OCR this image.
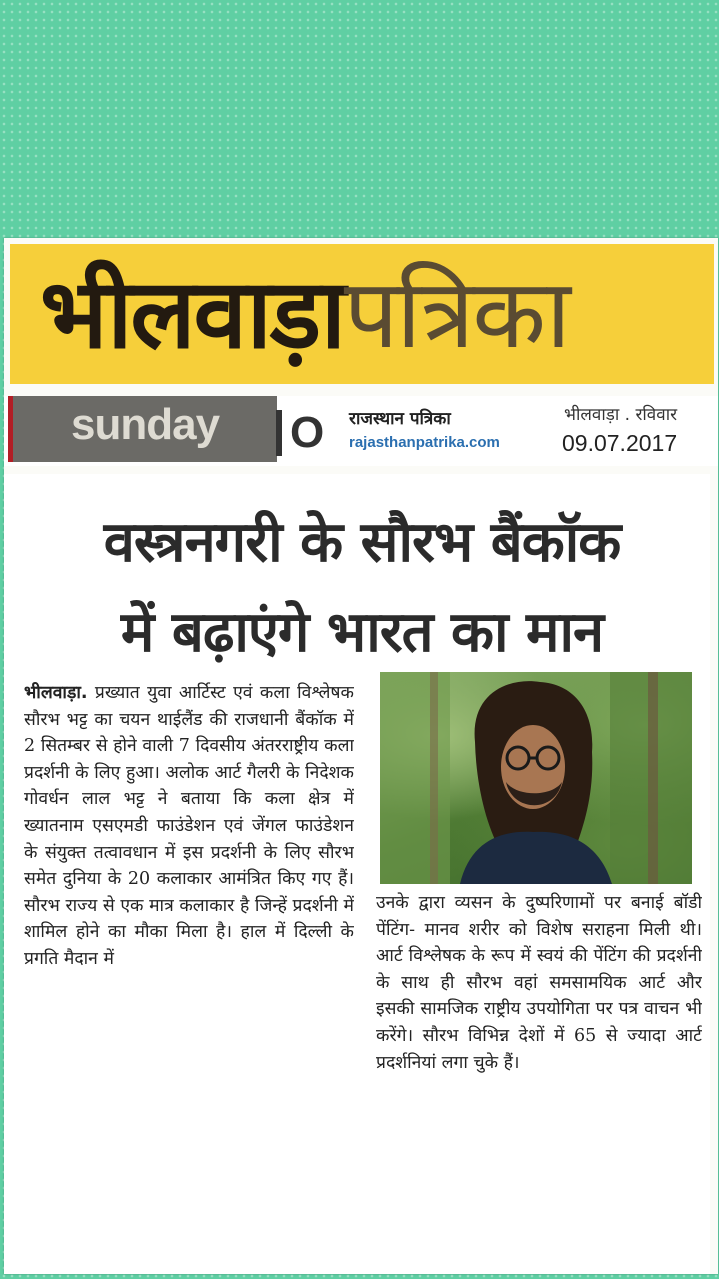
भीलवाड़ापत्रिका
sunday O राजस्थान पत्रिका
rajasthanpatrika.com
भीलवाड़ा . रविवार
09.07.2017
वस्त्रनगरी के सौरभ बैंकॉक
में बढ़ाएंगे भारत का मान
भीलवाड़ा. प्रख्यात युवा आर्टिस्ट एवं कला विश्लेषक सौरभ भट्ट का चयन थाईलैंड की राजधानी बैंकॉक में 2 सितम्बर से होने वाली 7 दिवसीय अंतरराष्ट्रीय कला प्रदर्शनी के लिए हुआ। अलोक आर्ट गैलरी के निदेशक गोवर्धन लाल भट्ट ने बताया कि कला क्षेत्र में ख्यातनाम एसएमडी फाउंडेशन एवं जेंगल फाउंडेशन के संयुक्त तत्वावधान में इस प्रदर्शनी के लिए सौरभ समेत दुनिया के 20 कलाकार आमंत्रित किए गए हैं। सौरभ राज्य से एक मात्र कलाकार है जिन्हें प्रदर्शनी में शामिल होने का मौका मिला है। हाल में दिल्ली के प्रगति मैदान में
उनके द्वारा व्यसन के दुष्परिणामों पर बनाई बॉडी पेंटिंग- मानव शरीर को विशेष सराहना मिली थी। आर्ट विश्लेषक के रूप में स्वयं की पेंटिंग की प्रदर्शनी के साथ ही सौरभ वहां समसामयिक आर्ट और इसकी सामजिक राष्ट्रीय उपयोगिता पर पत्र वाचन भी करेंगे। सौरभ विभिन्न देशों में 65 से ज्यादा आर्ट प्रदर्शनियां लगा चुके हैं।
